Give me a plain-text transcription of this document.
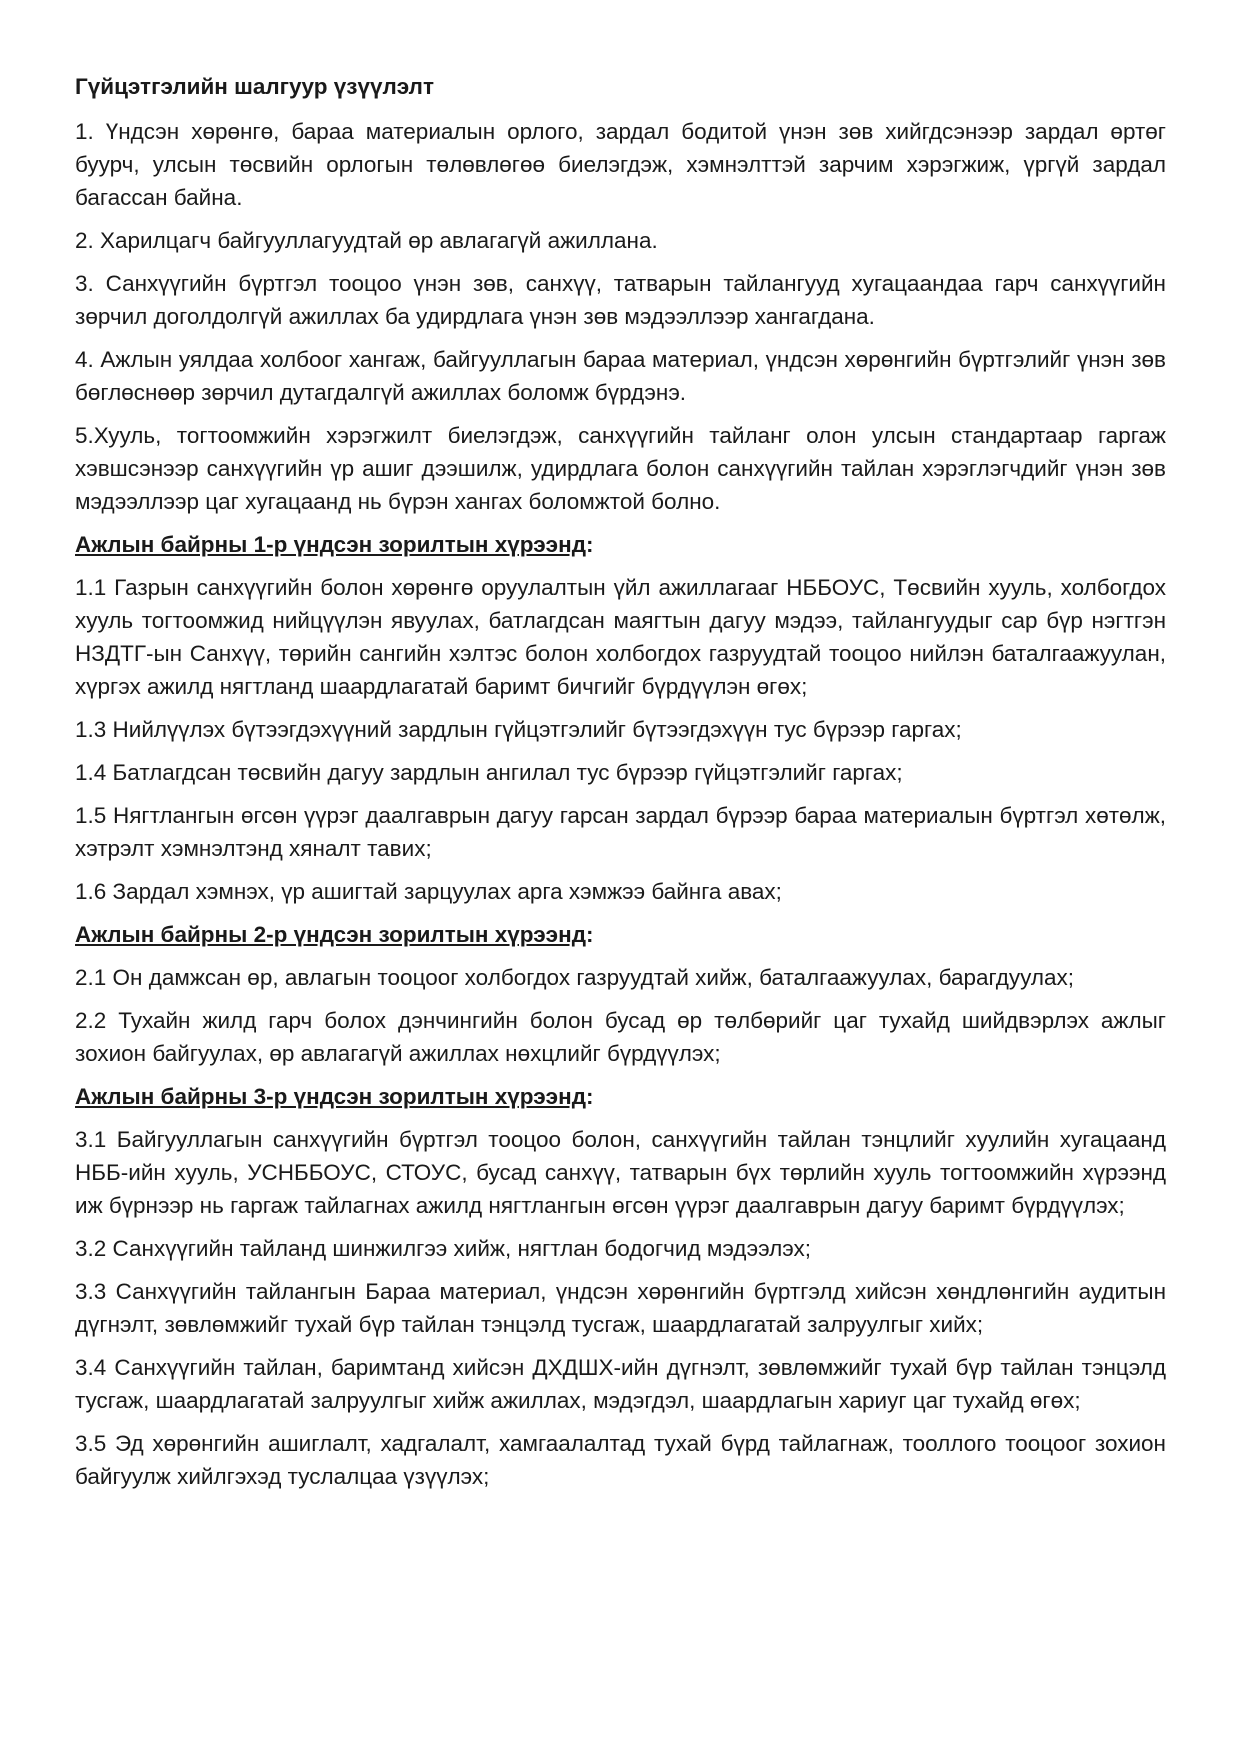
Гүйцэтгэлийн шалгуур үзүүлэлт
1. Үндсэн хөрөнгө, бараа материалын орлого, зардал бодитой үнэн зөв хийгдсэнээр зардал өртөг буурч, улсын төсвийн орлогын төлөвлөгөө биелэгдэж, хэмнэлттэй зарчим хэрэгжиж, үргүй зардал багассан байна.
2. Харилцагч байгууллагуудтай өр авлагагүй ажиллана.
3. Санхүүгийн бүртгэл тооцоо үнэн зөв, санхүү, татварын тайлангууд хугацаандаа гарч санхүүгийн зөрчил доголдолгүй ажиллах ба удирдлага үнэн зөв мэдээллээр хангагдана.
4. Ажлын уялдаа холбоог хангаж, байгууллагын бараа материал, үндсэн хөрөнгийн бүртгэлийг үнэн зөв бөглөснөөр зөрчил дутагдалгүй ажиллах боломж бүрдэнэ.
5.Хууль, тогтоомжийн хэрэгжилт биелэгдэж, санхүүгийн тайланг олон улсын стандартаар гаргаж хэвшсэнээр санхүүгийн үр ашиг дээшилж, удирдлага болон санхүүгийн тайлан хэрэглэгчдийг үнэн зөв мэдээллээр цаг хугацаанд нь бүрэн хангах боломжтой болно.
Ажлын байрны 1-р үндсэн зорилтын хүрээнд:
1.1 Газрын санхүүгийн болон хөрөнгө оруулалтын үйл ажиллагааг НББОУС, Төсвийн хууль, холбогдох хууль тогтоомжид нийцүүлэн явуулах, батлагдсан маягтын дагуу мэдээ, тайлангуудыг сар бүр нэгтгэн НЗДТГ-ын Санхүү, төрийн сангийн хэлтэс болон холбогдох газруудтай тооцоо нийлэн баталгаажуулан, хүргэх ажилд нягтланд шаардлагатай баримт бичгийг бүрдүүлэн өгөх;
1.3 Нийлүүлэх бүтээгдэхүүний зардлын гүйцэтгэлийг бүтээгдэхүүн тус бүрээр гаргах;
1.4 Батлагдсан төсвийн дагуу зардлын ангилал тус бүрээр гүйцэтгэлийг гаргах;
1.5 Нягтлангын өгсөн үүрэг даалгаврын дагуу гарсан зардал бүрээр бараа материалын бүртгэл хөтөлж, хэтрэлт хэмнэлтэнд хяналт тавих;
1.6 Зардал хэмнэх, үр ашигтай зарцуулах арга хэмжээ байнга авах;
Ажлын байрны 2-р үндсэн зорилтын хүрээнд:
2.1 Он дамжсан өр, авлагын тооцоог холбогдох газруудтай хийж, баталгаажуулах, барагдуулах;
2.2 Тухайн жилд гарч болох дэнчингийн болон бусад өр төлбөрийг цаг тухайд шийдвэрлэх ажлыг зохион байгуулах, өр авлагагүй ажиллах нөхцлийг бүрдүүлэх;
Ажлын байрны 3-р үндсэн зорилтын хүрээнд:
3.1 Байгууллагын санхүүгийн бүртгэл тооцоо болон, санхүүгийн тайлан тэнцлийг хуулийн хугацаанд НББ-ийн хууль, УСНББОУС, СТОУС, бусад санхүү, татварын бүх төрлийн хууль тогтоомжийн хүрээнд иж бүрнээр нь гаргаж тайлагнах ажилд нягтлангын өгсөн үүрэг даалгаврын дагуу баримт бүрдүүлэх;
3.2 Санхүүгийн тайланд шинжилгээ хийж, нягтлан бодогчид мэдээлэх;
3.3 Санхүүгийн тайлангын Бараа материал, үндсэн хөрөнгийн бүртгэлд хийсэн хөндлөнгийн аудитын дүгнэлт, зөвлөмжийг тухай бүр тайлан тэнцэлд тусгаж, шаардлагатай залруулгыг хийх;
3.4 Санхүүгийн тайлан, баримтанд хийсэн ДХДШХ-ийн дүгнэлт, зөвлөмжийг тухай бүр тайлан тэнцэлд тусгаж, шаардлагатай залруулгыг хийж ажиллах, мэдэгдэл, шаардлагын хариуг цаг тухайд өгөх;
3.5 Эд хөрөнгийн ашиглалт, хадгалалт, хамгаалалтад тухай бүрд тайлагнаж, тооллого тооцоог зохион байгуулж хийлгэхэд туслалцаа үзүүлэх;
